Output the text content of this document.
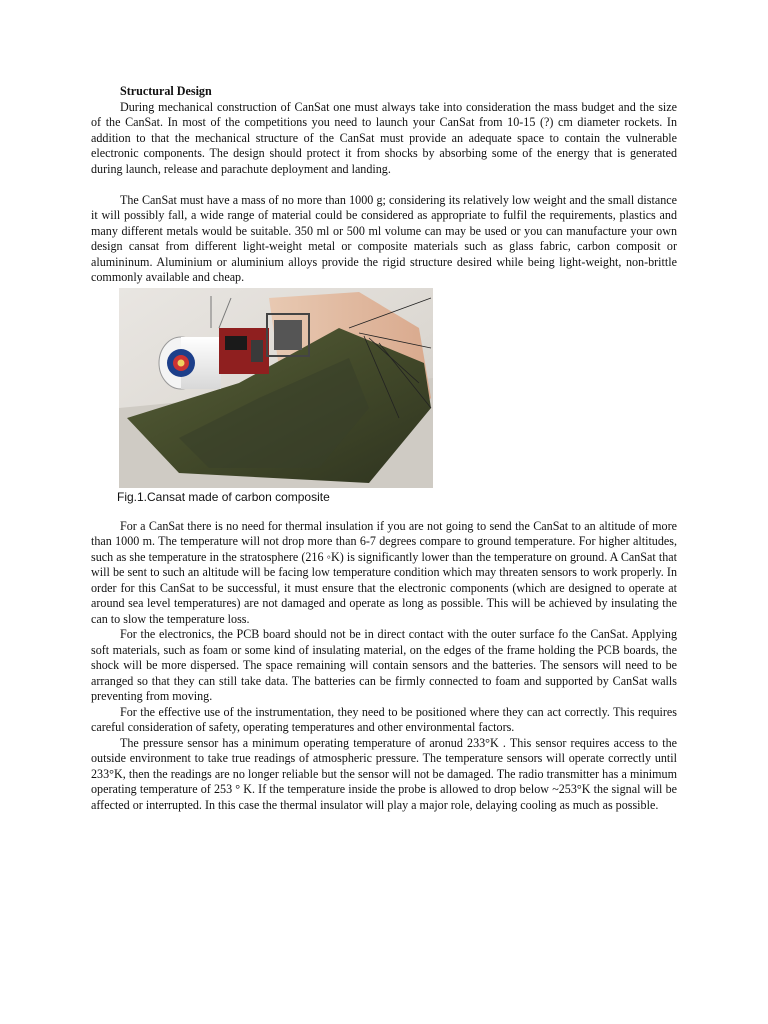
Structural Design

During mechanical construction of CanSat one must always take into consideration the mass budget and the size of the CanSat. In most of the competitions you need to launch your CanSat from 10-15 (?) cm diameter rockets. In addition to that the mechanical structure of the CanSat must provide an adequate space to contain the vulnerable electronic components. The design should protect it from shocks by absorbing some of the energy that is generated during launch, release and parachute deployment and landing.

The CanSat must have a mass of no more than 1000 g; considering its relatively low weight and the small distance it will possibly fall, a wide range of material could be considered as appropriate to fulfil the requirements, plastics and many different metals would be suitable. 350 ml or 500 ml volume can may be used or you can manufacture your own design cansat from different light-weight metal or composite materials such as glass fabric, carbon composit or alumininum. Aluminium or aluminium alloys provide the rigid structure desired while being light-weight, non-brittle commonly available and cheap.

Fig.1.Cansat made of carbon composite

For a CanSat there is no need for thermal insulation if you are not going to send the CanSat to an altitude of more than 1000 m. The temperature will not drop more than 6-7 degrees compare to ground temperature. For higher altitudes, such as she temperature in the stratosphere (216 ◦K) is significantly lower than the temperature on ground. A CanSat that will be sent to such an altitude will be facing low temperature condition which may threaten sensors to work properly. In order for this CanSat to be successful, it must ensure that the electronic components (which are designed to operate at around sea level temperatures) are not damaged and operate as long as possible. This will be achieved by insulating the can to slow the temperature loss.

For the electronics, the PCB board should not be in direct contact with the outer surface fo the CanSat. Applying soft materials, such as foam or some kind of insulating material, on the edges of the frame holding the PCB boards, the shock will be more dispersed. The space remaining will contain sensors and the batteries. The sensors will need to be arranged so that they can still take data. The batteries can be firmly connected to foam and supported by CanSat walls preventing from moving.

For the effective use of the instrumentation, they need to be positioned where they can act correctly. This requires careful consideration of safety, operating temperatures and other environmental factors.

The pressure sensor has a minimum operating temperature of aronud 233°K . This sensor requires access to the outside environment to take true readings of atmospheric pressure. The temperature sensors will operate correctly until 233°K, then the readings are no longer reliable but the sensor will not be damaged. The radio transmitter has a minimum operating temperature of 253 ° K. If the temperature inside the probe is allowed to drop below ~253°K the signal will be affected or interrupted. In this case the thermal insulator will play a major role, delaying cooling as much as possible.
